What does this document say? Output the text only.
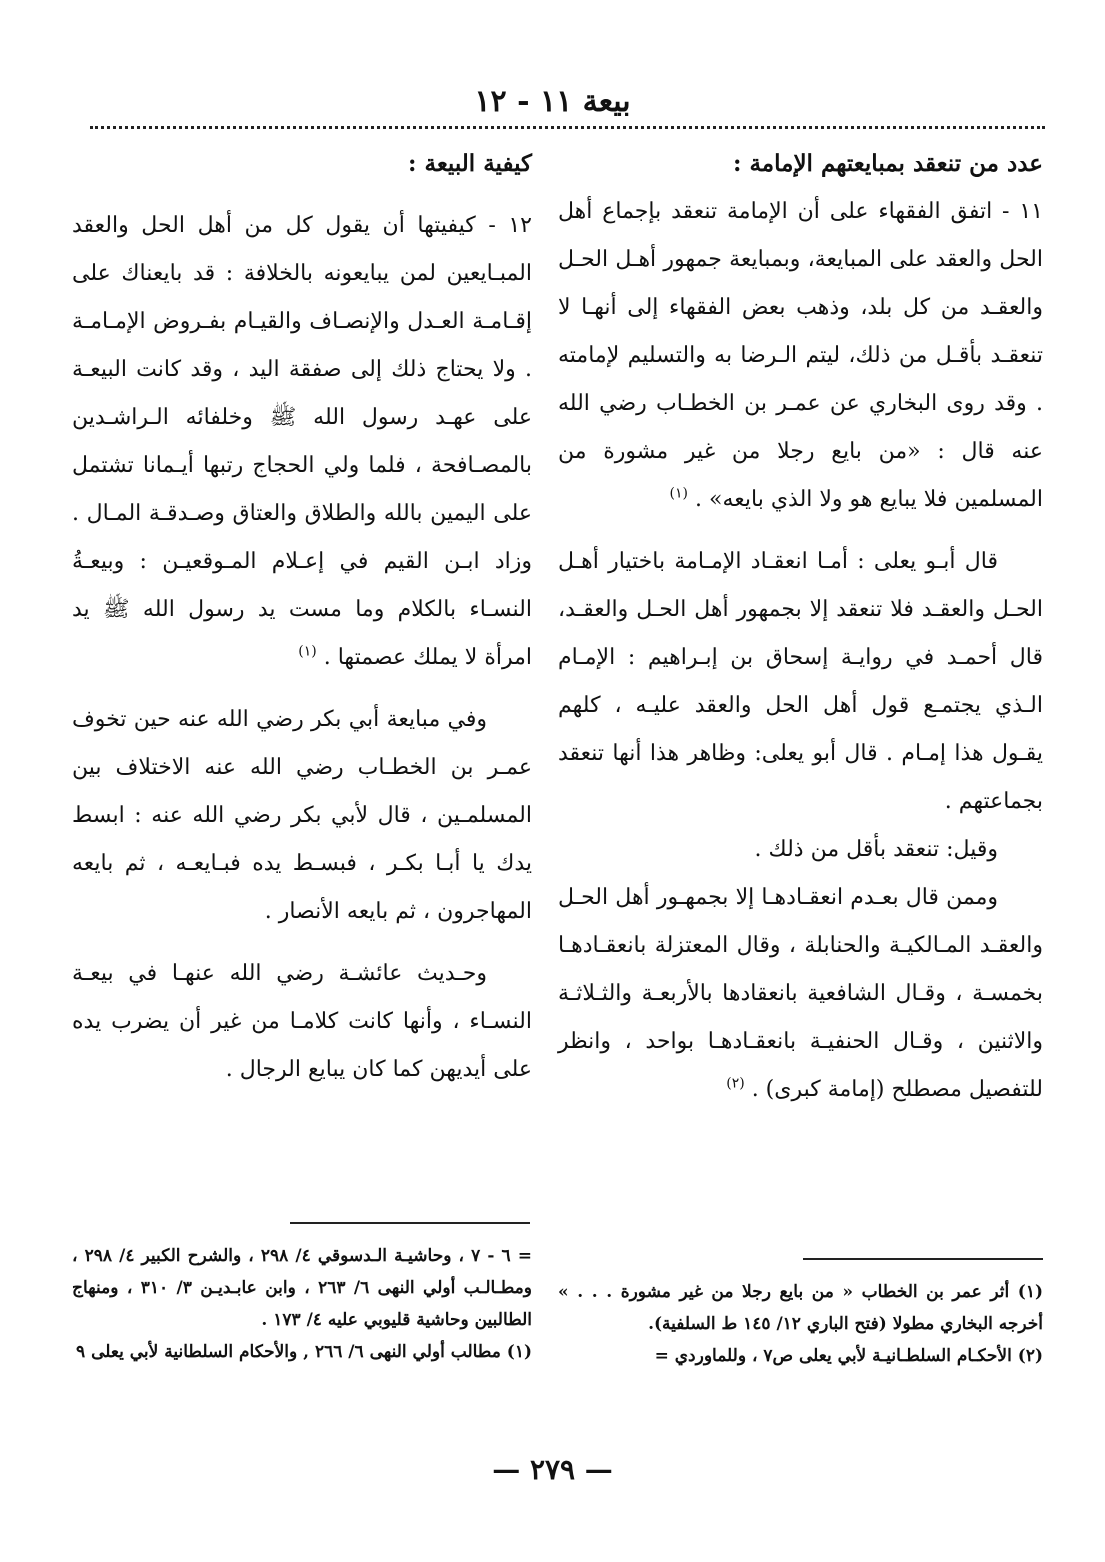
بيعة ١١ - ١٢
عدد من تنعقد بمبايعتهم الإمامة :

١١ - اتفق الفقهاء على أن الإمامة تنعقد بإجماع أهل الحل والعقد على المبايعة، وبمبايعة جمهور أهـل الحـل والعقـد من كل بلد، وذهب بعض الفقهاء إلى أنهـا لا تنعقـد بأقـل من ذلك، ليتم الـرضا به والتسليم لإمامته . وقد روى البخاري عن عمـر بن الخطـاب رضي الله عنه قال : «من بايع رجلا من غير مشورة من المسلمين فلا يبايع هو ولا الذي بايعه» . $^{(١)}$

قال أبـو يعلى : أمـا انعقـاد الإمـامة باختيار أهـل الحـل والعقـد فلا تنعقد إلا بجمهور أهل الحـل والعقـد، قال أحمـد في روايـة إسحاق بن إبـراهيم : الإمـام الـذي يجتمـع قول أهل الحل والعقد عليـه ، كلهم يقـول هذا إمـام . قال أبو يعلى: وظاهر هذا أنها تنعقد بجماعتهم .

وقيل: تنعقد بأقل من ذلك .

وممن قال بعـدم انعقـادهـا إلا بجمهـور أهل الحـل والعقـد المـالكيـة والحنابلة ، وقال المعتزلة بانعقـادهـا بخمسـة ، وقـال الشافعية بانعقادها بالأربعـة والثـلاثـة والاثنين ، وقـال الحنفيـة بانعقـادهـا بواحد ، وانظر للتفصيل مصطلح (إمامة كبرى) . $^{(٢)}$

كيفية البيعة :

١٢ - كيفيتها أن يقول كل من أهل الحل والعقد المبـايعين لمن يبايعونه بالخلافة : قد بايعناك على إقـامـة العـدل والإنصـاف والقيـام بفـروض الإمـامـة . ولا يحتاج ذلك إلى صفقة اليد ، وقد كانت البيعـة على عهـد رسول الله ﷺ وخلفائه الـراشـدين بالمصـافحة ، فلما ولي الحجاج رتبها أيـمانا تشتمل على اليمين بالله والطلاق والعتاق وصـدقـة المـال . وزاد ابـن القيم في إعـلام المـوقعيـن : وبيعـةُ النسـاء بالكلام وما مست يد رسول الله ﷺ يد امرأة لا يملك عصمتها . $^{(١)}$

وفي مبايعة أبي بكر رضي الله عنه حين تخوف عمـر بن الخطـاب رضي الله عنه الاختلاف بين المسلمـين ، قال لأبي بكر رضي الله عنه : ابسط يدك يا أبـا بكـر ، فبسـط يده فبـايعـه ، ثم بايعه المهاجرون ، ثم بايعه الأنصار .

وحـديث عائشـة رضي الله عنهـا في بيعـة النسـاء ، وأنها كانت كلامـا من غير أن يضرب يده على أيديهن كما كان يبايع الرجال .

(١) أثر عمر بن الخطاب « من بايع رجلا من غير مشورة . . . » أخرجه البخاري مطولا (فتح الباري ١٢/ ١٤٥ ط السلفية).

(٢) الأحكـام السلطـانيـة لأبي يعلى ص٧ ، وللماوردي =

= ٦ - ٧ ، وحاشيـة الـدسوقي ٤/ ٢٩٨ ، والشرح الكبير ٤/ ٢٩٨ ، ومطـالـب أولي النهى ٦/ ٢٦٣ ، وابن عابـديـن ٣/ ٣١٠ ، ومنهاج الطالبين وحاشية قليوبي عليه ٤/ ١٧٣ .

(١) مطالب أولي النهى ٦/ ٢٦٦ , والأحكام السلطانية لأبي يعلى ٩

— ٢٧٩ —
